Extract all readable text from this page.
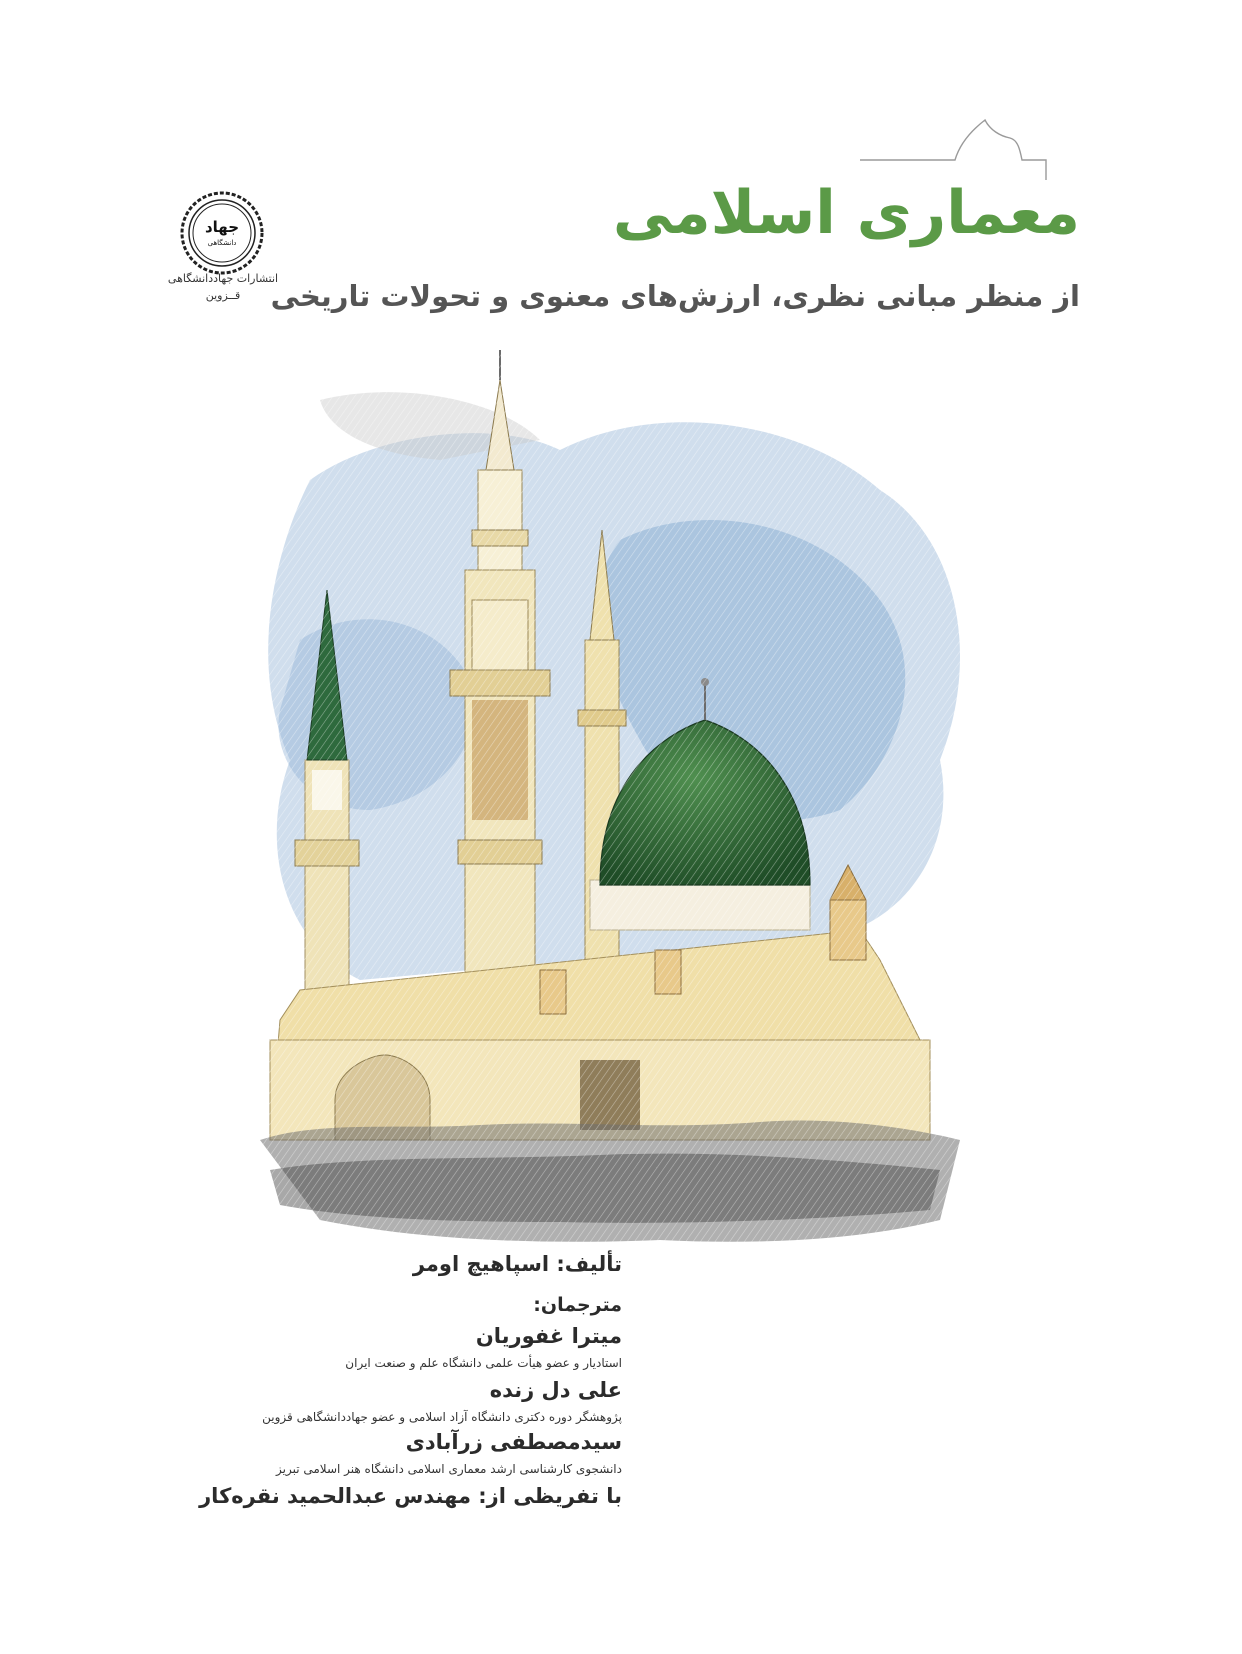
معماری اسلامی
از منظر مبانی نظری، ارزش‌های معنوی و تحولات تاریخی
جهاد
دانشگاهی
انتشارات جهاددانشگاهی
قــزوین
تألیف: اسپاهیچ اومر
مترجمان:
میترا غفوریان
استادیار و عضو هیأت علمی دانشگاه علم و صنعت ایران
علی دل زنده
پژوهشگر دوره دکتری دانشگاه آزاد اسلامی و عضو جهاددانشگاهی قزوین
سیدمصطفی زرآبادی
دانشجوی کارشناسی ارشد معماری اسلامی دانشگاه هنر اسلامی تبریز
با تفریظی از: مهندس عبدالحمید نقره‌کار
